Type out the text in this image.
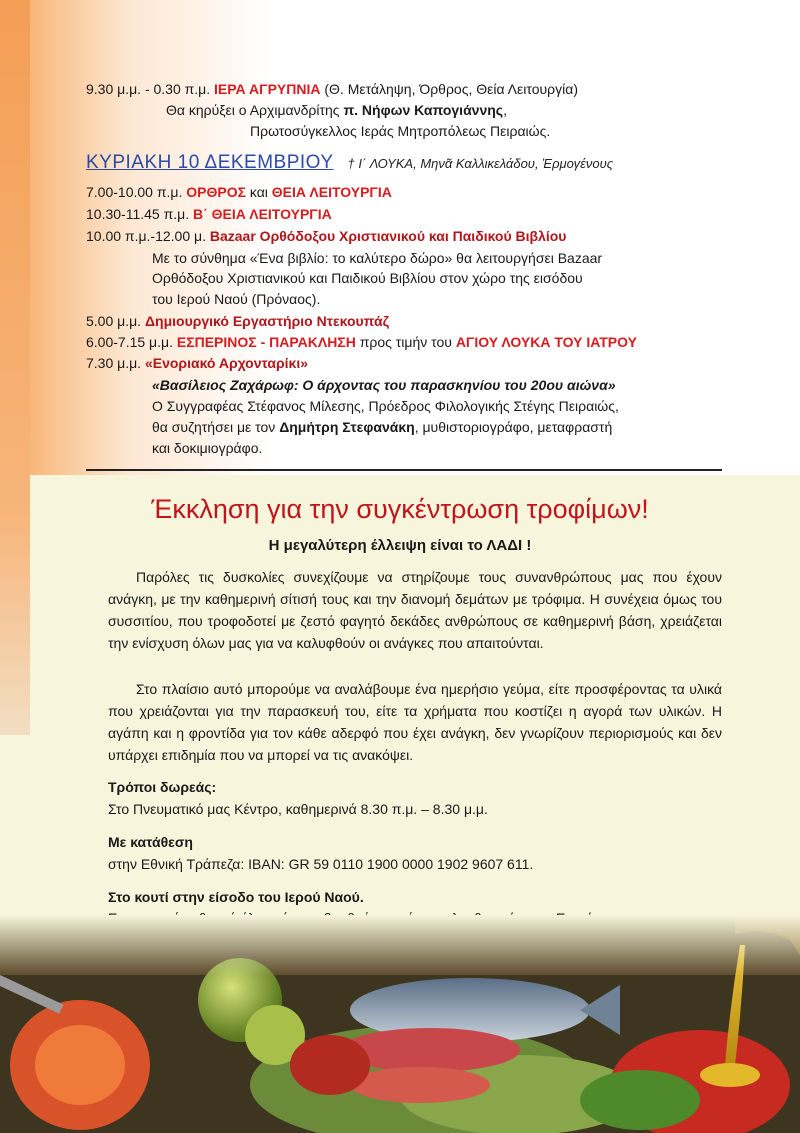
9.30 μ.μ. - 0.30 π.μ. ΙΕΡΑ ΑΓΡΥΠΝΙΑ (Θ. Μετάληψη, Όρθρος, Θεία Λειτουργία)
Θα κηρύξει ο Αρχιμανδρίτης π. Νήφων Καπογιάννης,
Πρωτοσύγκελλος Ιεράς Μητροπόλεως Πειραιώς.
ΚΥΡΙΑΚΗ 10 ΔΕΚΕΜΒΡΙΟΥ † Ι΄ ΛΟΥΚΑ, Μηνᾶ Καλλικελάδου, Ἑρμογένους
7.00-10.00 π.μ. ΟΡΘΡΟΣ και ΘΕΙΑ ΛΕΙΤΟΥΡΓΙΑ
10.30-11.45 π.μ. Β΄ ΘΕΙΑ ΛΕΙΤΟΥΡΓΙΑ
10.00 π.μ.-12.00 μ. Bazaar Ορθόδοξου Χριστιανικού και Παιδικού Βιβλίου
Με το σύνθημα «Ένα βιβλίο: το καλύτερο δώρο» θα λειτουργήσει Bazaar
Ορθόδοξου Χριστιανικού και Παιδικού Βιβλίου στον χώρο της εισόδου
του Ιερού Ναού (Πρόναος).
5.00 μ.μ. Δημιουργικό Εργαστήριο Ντεκουπάζ
6.00-7.15 μ.μ. ΕΣΠΕΡΙΝΟΣ - ΠΑΡΑΚΛΗΣΗ προς τιμήν του ΑΓΙΟΥ ΛΟΥΚΑ ΤΟΥ ΙΑΤΡΟΥ
7.30 μ.μ. «Ενοριακό Αρχονταρίκι»
«Βασίλειος Ζαχάρωφ: Ο άρχοντας του παρασκηνίου του 20ου αιώνα»
Ο Συγγραφέας Στέφανος Μίλεσης, Πρόεδρος Φιλολογικής Στέγης Πειραιώς,
θα συζητήσει με τον Δημήτρη Στεφανάκη, μυθιστοριογράφο, μεταφραστή
και δοκιμιογράφο.
Έκκληση για την συγκέντρωση τροφίμων!
Η μεγαλύτερη έλλειψη είναι το ΛΑΔΙ !
Παρόλες τις δυσκολίες συνεχίζουμε να στηρίζουμε τους συνανθρώπους μας που έχουν ανάγκη, με την καθημερινή σίτισή τους και την διανομή δεμάτων με τρόφιμα. Η συνέχεια όμως του συσσιτίου, που τροφοδοτεί με ζεστό φαγητό δεκάδες ανθρώπους σε καθημερινή βάση, χρειάζεται την ενίσχυση όλων μας για να καλυφθούν οι ανάγκες που απαιτούνται.
Στο πλαίσιο αυτό μπορούμε να αναλάβουμε ένα ημερήσιο γεύμα, είτε προσφέροντας τα υλικά που χρειάζονται για την παρασκευή του, είτε τα χρήματα που κοστίζει η αγορά των υλικών. Η αγάπη και η φροντίδα για τον κάθε αδερφό που έχει ανάγκη, δεν γνωρίζουν περιορισμούς και δεν υπάρχει επιδημία που να μπορεί να τις ανακόψει.
Τρόποι δωρεάς:
Στο Πνευματικό μας Κέντρο, καθημερινά 8.30 π.μ. – 8.30 μ.μ.
Με κατάθεση
στην Εθνική Τράπεζα: IBAN: GR 59 0110 1900 0000 1902 9607 611.
Στο κουτί στην είσοδο του Ιερού Ναού.
